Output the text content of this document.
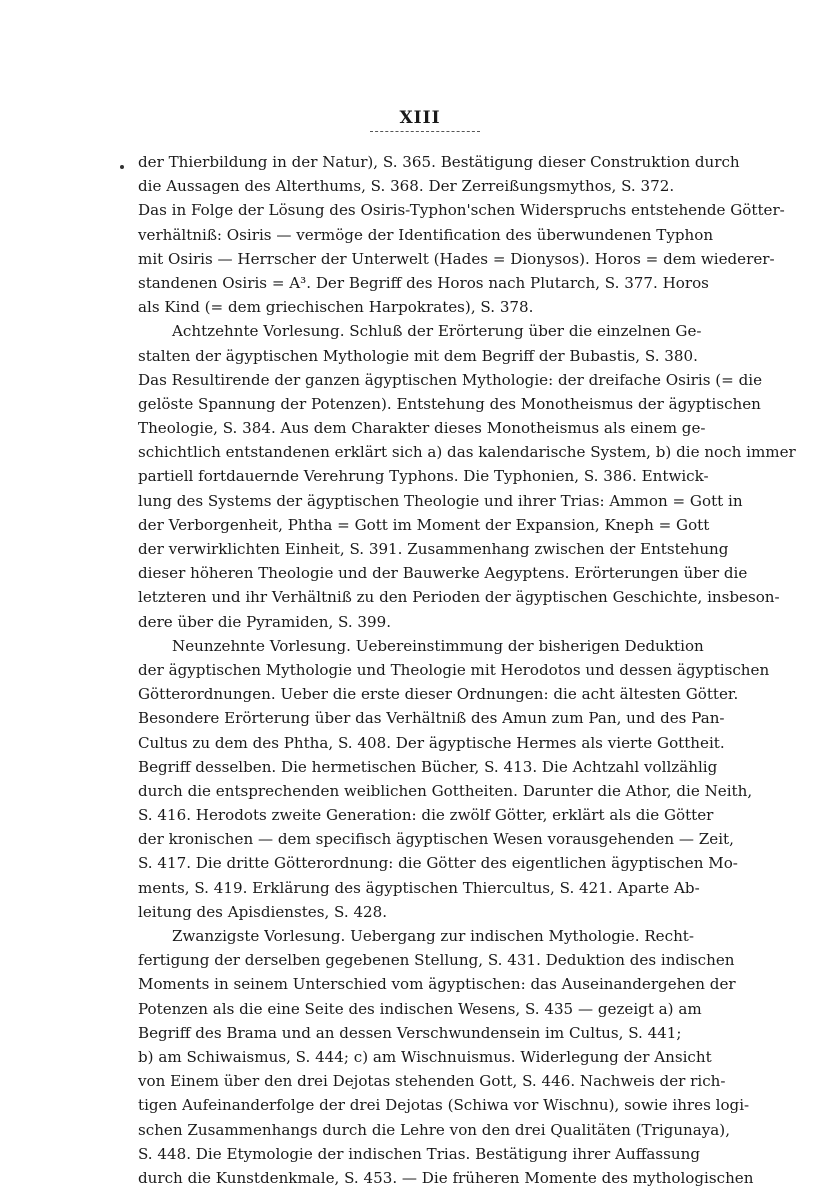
XIII
der Thierbildung in der Natur), S. 365. Bestätigung dieser Construktion durch
die Aussagen des Alterthums, S. 368. Der Zerreißungsmythos, S. 372.
Das in Folge der Lösung des Osiris-Typhon'schen Widerspruchs entstehende Götter-
verhältniß: Osiris — vermöge der Identification des überwundenen Typhon
mit Osiris — Herrscher der Unterwelt (Hades = Dionysos). Horos = dem wiederer-
standenen Osiris = A³. Der Begriff des Horos nach Plutarch, S. 377. Horos
als Kind (= dem griechischen Harpokrates), S. 378.
Achtzehnte Vorlesung. Schluß der Erörterung über die einzelnen Ge-
stalten der ägyptischen Mythologie mit dem Begriff der Bubastis, S. 380.
Das Resultirende der ganzen ägyptischen Mythologie: der dreifache Osiris (= die
gelöste Spannung der Potenzen). Entstehung des Monotheismus der ägyptischen
Theologie, S. 384. Aus dem Charakter dieses Monotheismus als einem ge-
schichtlich entstandenen erklärt sich a) das kalendarische System, b) die noch immer
partiell fortdauernde Verehrung Typhons. Die Typhonien, S. 386. Entwick-
lung des Systems der ägyptischen Theologie und ihrer Trias: Ammon = Gott in
der Verborgenheit, Phtha = Gott im Moment der Expansion, Kneph = Gott
der verwirklichten Einheit, S. 391. Zusammenhang zwischen der Entstehung
dieser höheren Theologie und der Bauwerke Aegyptens. Erörterungen über die
letzteren und ihr Verhältniß zu den Perioden der ägyptischen Geschichte, insbeson-
dere über die Pyramiden, S. 399.
Neunzehnte Vorlesung. Uebereinstimmung der bisherigen Deduktion
der ägyptischen Mythologie und Theologie mit Herodotos und dessen ägyptischen
Götterordnungen. Ueber die erste dieser Ordnungen: die acht ältesten Götter.
Besondere Erörterung über das Verhältniß des Amun zum Pan, und des Pan-
Cultus zu dem des Phtha, S. 408. Der ägyptische Hermes als vierte Gottheit.
Begriff desselben. Die hermetischen Bücher, S. 413. Die Achtzahl vollzählig
durch die entsprechenden weiblichen Gottheiten. Darunter die Athor, die Neith,
S. 416. Herodots zweite Generation: die zwölf Götter, erklärt als die Götter
der kronischen — dem specifisch ägyptischen Wesen vorausgehenden — Zeit,
S. 417. Die dritte Götterordnung: die Götter des eigentlichen ägyptischen Mo-
ments, S. 419. Erklärung des ägyptischen Thiercultus, S. 421. Aparte Ab-
leitung des Apisdienstes, S. 428.
Zwanzigste Vorlesung. Uebergang zur indischen Mythologie. Recht-
fertigung der derselben gegebenen Stellung, S. 431. Deduktion des indischen
Moments in seinem Unterschied vom ägyptischen: das Auseinandergehen der
Potenzen als die eine Seite des indischen Wesens, S. 435 — gezeigt a) am
Begriff des Brama und an dessen Verschwundensein im Cultus, S. 441;
b) am Schiwaismus, S. 444; c) am Wischnuismus. Widerlegung der Ansicht
von Einem über den drei Dejotas stehenden Gott, S. 446. Nachweis der rich-
tigen Aufeinanderfolge der drei Dejotas (Schiwa vor Wischnu), sowie ihres logi-
schen Zusammenhangs durch die Lehre von den drei Qualitäten (Trigunaya),
S. 448. Die Etymologie der indischen Trias. Bestätigung ihrer Auffassung
durch die Kunstdenkmale, S. 453. — Die früheren Momente des mythologischen
